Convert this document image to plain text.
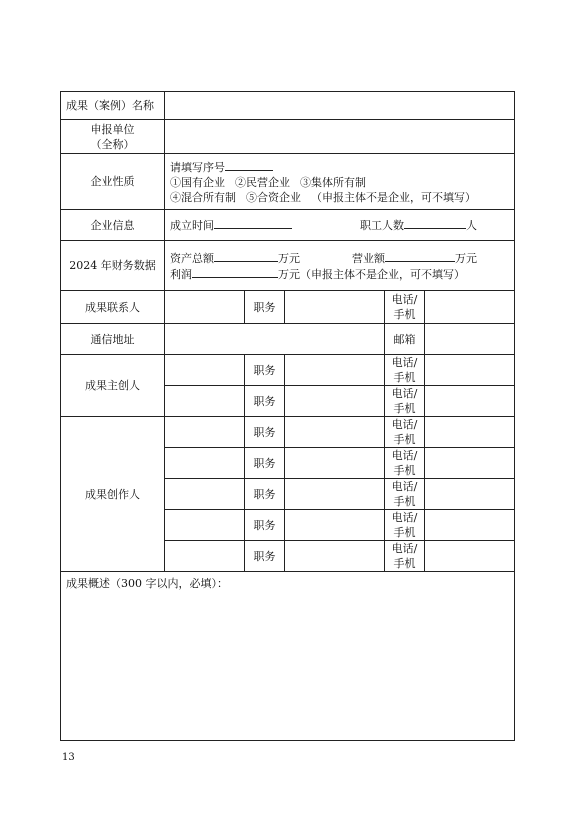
成果（案例）名称					

申报单位
（全称）					

企业性质	请填写序号
①国有企业 ②民营企业 ③集体所有制
④混合所有制 ⑤合资企业 （申报主体不是企业，可不填写）				

企业信息	成立时间 职工人数 人				
2024 年财务数据	资产总额 万元 营业额 万元
利润 万元（申报主体不是企业，可不填写）				

成果联系人		职务		电话/
手机	

通信地址				邮箱	
成果主创人		职务		电话/
手机	

		职务		电话/
手机	

成果创作人		职务		电话/
手机	

		职务		电话/
手机	

		职务		电话/
手机	

		职务		电话/
手机	

		职务		电话/
手机	

成果概述（300 字以内，必填）：					
13
